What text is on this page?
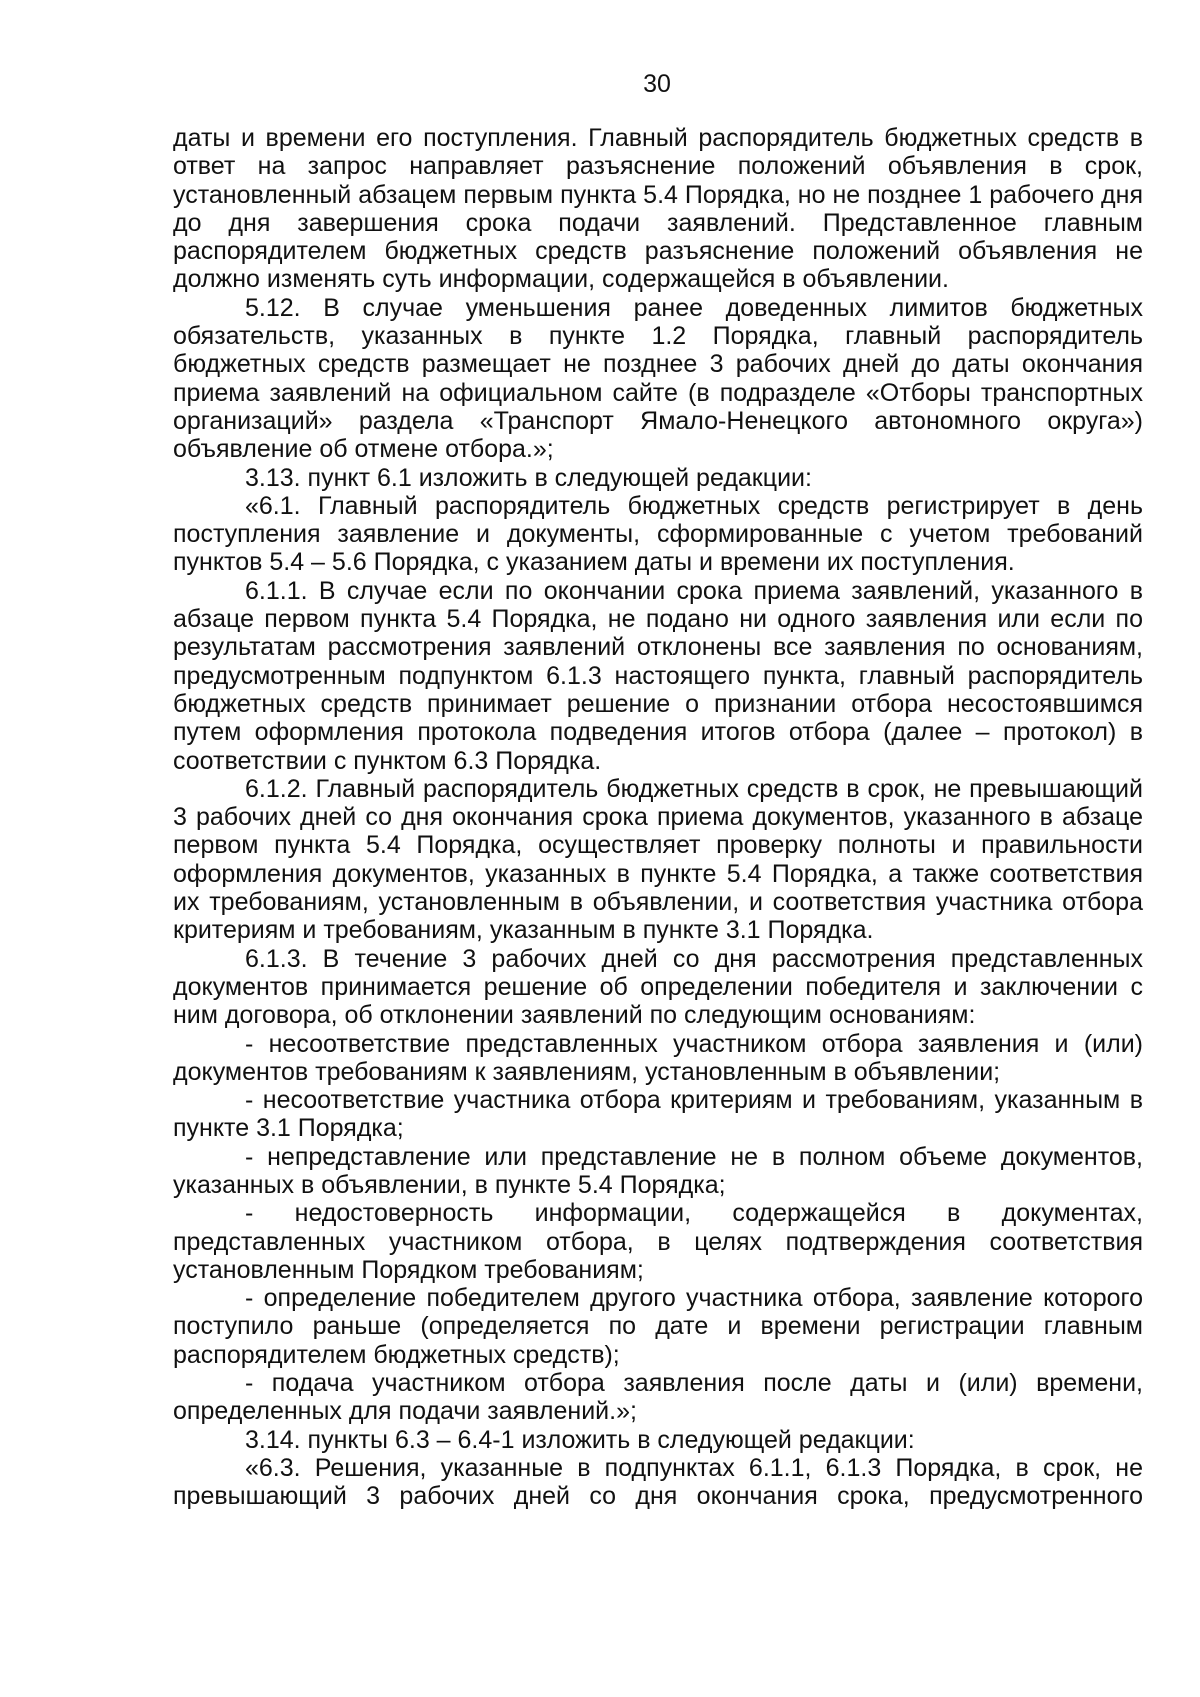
30

даты и времени его поступления. Главный распорядитель бюджетных средств в ответ на запрос направляет разъяснение положений объявления в срок, установленный абзацем первым пункта 5.4 Порядка, но не позднее 1 рабочего дня до дня завершения срока подачи заявлений. Представленное главным распорядителем бюджетных средств разъяснение положений объявления не должно изменять суть информации, содержащейся в объявлении.

5.12. В случае уменьшения ранее доведенных лимитов бюджетных обязательств, указанных в пункте 1.2 Порядка, главный распорядитель бюджетных средств размещает не позднее 3 рабочих дней до даты окончания приема заявлений на официальном сайте (в подразделе «Отборы транспортных организаций» раздела «Транспорт Ямало-Ненецкого автономного округа») объявление об отмене отбора.»;

3.13. пункт 6.1 изложить в следующей редакции:

«6.1. Главный распорядитель бюджетных средств регистрирует в день поступления заявление и документы, сформированные с учетом требований пунктов 5.4 – 5.6 Порядка, с указанием даты и времени их поступления.

6.1.1. В случае если по окончании срока приема заявлений, указанного в абзаце первом пункта 5.4 Порядка, не подано ни одного заявления или если по результатам рассмотрения заявлений отклонены все заявления по основаниям, предусмотренным подпунктом 6.1.3 настоящего пункта, главный распорядитель бюджетных средств принимает решение о признании отбора несостоявшимся путем оформления протокола подведения итогов отбора (далее – протокол) в соответствии с пунктом 6.3 Порядка.

6.1.2. Главный распорядитель бюджетных средств в срок, не превышающий 3 рабочих дней со дня окончания срока приема документов, указанного в абзаце первом пункта 5.4 Порядка, осуществляет проверку полноты и правильности оформления документов, указанных в пункте 5.4 Порядка, а также соответствия их требованиям, установленным в объявлении, и соответствия участника отбора критериям и требованиям, указанным в пункте 3.1 Порядка.

6.1.3. В течение 3 рабочих дней со дня рассмотрения представленных документов принимается решение об определении победителя и заключении с ним договора, об отклонении заявлений по следующим основаниям:

- несоответствие представленных участником отбора заявления и (или) документов требованиям к заявлениям, установленным в объявлении;

- несоответствие участника отбора критериям и требованиям, указанным в пункте 3.1 Порядка;

- непредставление или представление не в полном объеме документов, указанных в объявлении, в пункте 5.4 Порядка;

- недостоверность информации, содержащейся в документах, представленных участником отбора, в целях подтверждения соответствия установленным Порядком требованиям;

- определение победителем другого участника отбора, заявление которого поступило раньше (определяется по дате и времени регистрации главным распорядителем бюджетных средств);

- подача участником отбора заявления после даты и (или) времени, определенных для подачи заявлений.»;

3.14. пункты 6.3 – 6.4-1 изложить в следующей редакции:

«6.3. Решения, указанные в подпунктах 6.1.1, 6.1.3 Порядка, в срок, не превышающий 3 рабочих дней со дня окончания срока, предусмотренного
